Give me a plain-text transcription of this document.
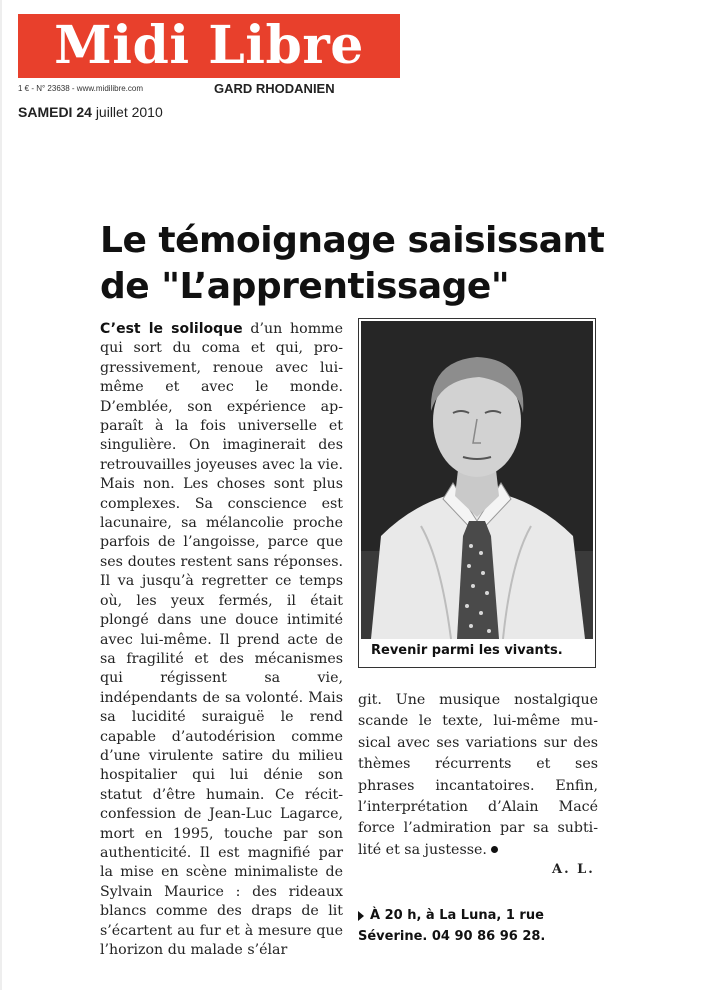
Midi Libre
1 € - N° 23638 - www.midilibre.com	GARD RHODANIEN
SAMEDI 24 juillet 2010
Le témoignage saisissant
de "L’apprentissage"
C’est le soliloque d’un homme qui sort du coma et qui, progressivement, renoue avec lui-même et avec le monde. D’emblée, son expérience apparaît à la fois universelle et singulière. On imaginerait des retrouvailles joyeuses avec la vie. Mais non. Les choses sont plus complexes. Sa conscience est lacunaire, sa mélancolie proche parfois de l’angoisse, parce que ses doutes restent sans réponses. Il va jusqu’à regretter ce temps où, les yeux fermés, il était plongé dans une douce intimité avec lui-même. Il prend acte de sa fragilité et des mécanismes qui régissent sa vie, indépendants de sa volonté. Mais sa lucidité suraiguë le rend capable d’autodérision comme d’une virulente satire du milieu hospitalier qui lui dénie son statut d’être humain. Ce récit-confession de Jean-Luc Lagarce, mort en 1995, touche par son authenticité. Il est magnifié par la mise en scène minimaliste de Sylvain Maurice : des rideaux blancs comme des draps de lit s’écartent au fur et à mesure que l’horizon du malade s’élar
Revenir parmi les vivants.
git. Une musique nostalgique scande le texte, lui-même musical avec ses variations sur des thèmes récurrents et ses phrases incantatoires. Enfin, l’interprétation d’Alain Macé force l’admiration par sa subtilité et sa justesse.
A. L.
À 20 h, à La Luna, 1 rue
Séverine. 04 90 86 96 28.
